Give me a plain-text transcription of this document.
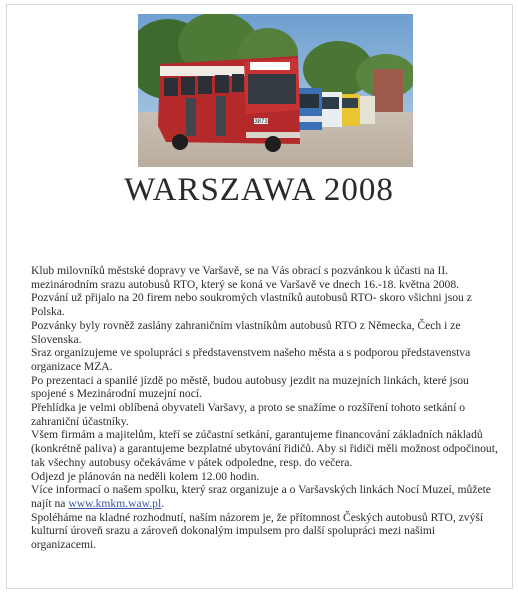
3873
WARSZAWA 2008

Klub milovníků městské dopravy ve Varšavě, se na Vás obrací s pozvánkou k účasti na II. mezinárodním srazu autobusů RTO, který se koná ve Varšavě ve dnech 16.-18. května 2008.

Pozvání už přijalo na 20 firem nebo soukromých vlastníků autobusů RTO- skoro všichni jsou z Polska.

Pozvánky byly rovněž zaslány zahraničním vlastníkům autobusů RTO z Německa, Čech i ze Slovenska.

Sraz organizujeme ve spolupráci s představenstvem našeho města a s podporou představenstva organizace MZA.

Po prezentaci a spanilé jízdě po městě, budou autobusy jezdit na muzejních linkách, které jsou spojené s Mezinárodní muzejní nocí.

Přehlídka je velmi oblíbená obyvateli Varšavy, a proto se snažíme o rozšíření tohoto setkání o zahraniční účastníky.

Všem firmám a majitelům, kteří se zúčastní setkání, garantujeme financování základních nákladů (konkrétně paliva) a garantujeme bezplatné ubytování řidičů. Aby si řidiči měli možnost odpočinout, tak všechny autobusy očekáváme v pátek odpoledne, resp. do večera.

Odjezd je plánován na neděli kolem 12.00 hodin.

Více informací o našem spolku, který sraz organizuje a o Varšavských linkách Nocí Muzeí, můžete najít na www.kmkm.waw.pl.

Spoléháme na kladné rozhodnutí, naším názorem je, že přítomnost Českých autobusů RTO, zvýší kulturní úroveň srazu a zároveň dokonalým impulsem pro další spolupráci mezi našimi organizacemi.
